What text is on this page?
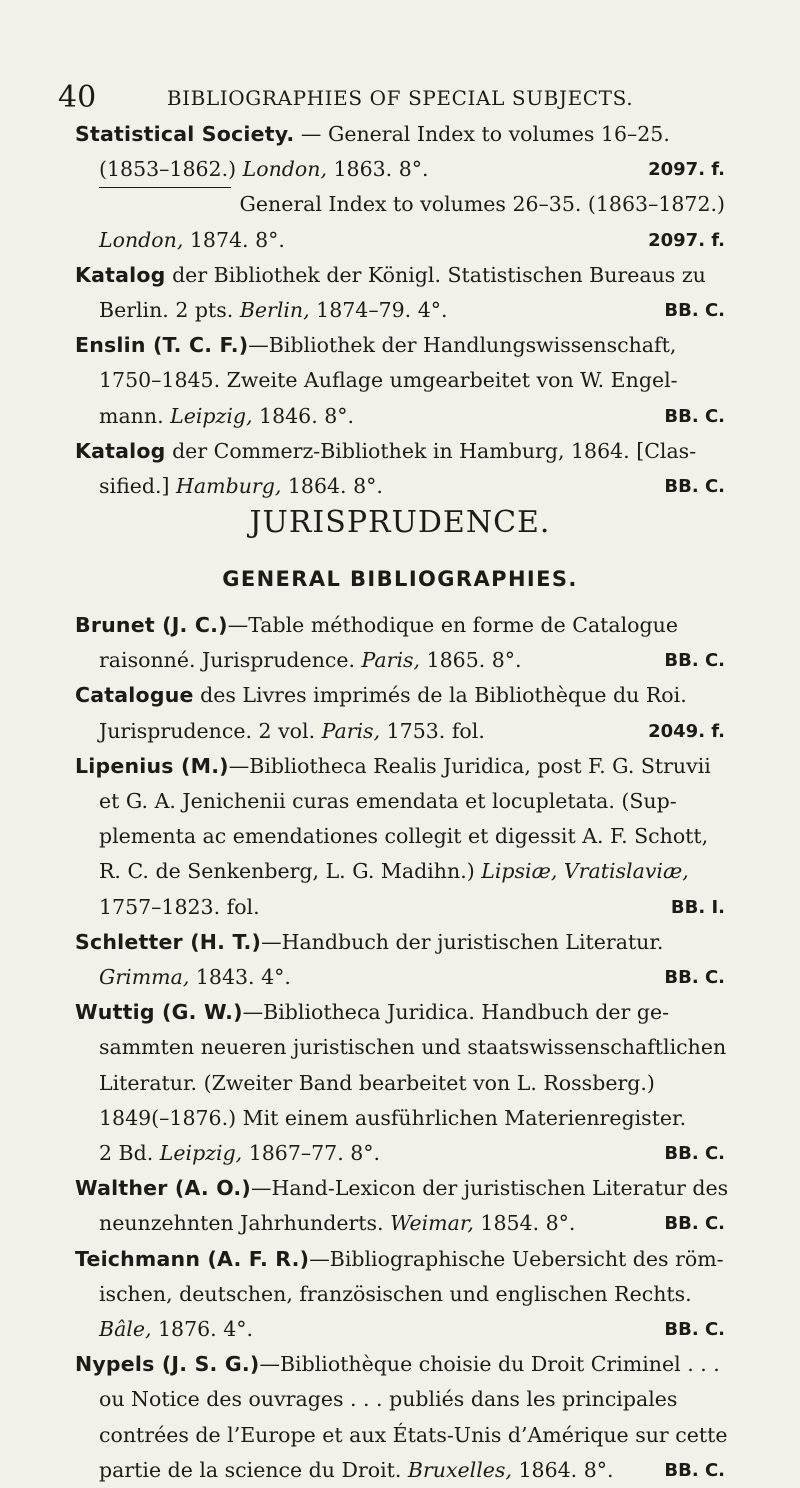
40	BIBLIOGRAPHIES OF SPECIAL SUBJECTS.
Statistical Society. — General Index to volumes 16–25.
(1853–1862.) London, 1863. 8°.	2097. f.
General Index to volumes 26–35. (1863–1872.)
London, 1874. 8°.	2097. f.
Katalog der Bibliothek der Königl. Statistischen Bureaus zu
Berlin. 2 pts. Berlin, 1874–79. 4°.	BB. C.
Enslin (T. C. F.)—Bibliothek der Handlungswissenschaft,
1750–1845. Zweite Auflage umgearbeitet von W. Engel-
mann. Leipzig, 1846. 8°.	BB. C.
Katalog der Commerz-Bibliothek in Hamburg, 1864. [Clas-
sified.] Hamburg, 1864. 8°.	BB. C.
JURISPRUDENCE.
GENERAL BIBLIOGRAPHIES.
Brunet (J. C.)—Table méthodique en forme de Catalogue
raisonné. Jurisprudence. Paris, 1865. 8°.	BB. C.
Catalogue des Livres imprimés de la Bibliothèque du Roi.
Jurisprudence. 2 vol. Paris, 1753. fol.	2049. f.
Lipenius (M.)—Bibliotheca Realis Juridica, post F. G. Struvii
et G. A. Jenichenii curas emendata et locupletata. (Sup-
plementa ac emendationes collegit et digessit A. F. Schott,
R. C. de Senkenberg, L. G. Madihn.) Lipsiæ, Vratislaviæ,
1757–1823. fol.	BB. I.
Schletter (H. T.)—Handbuch der juristischen Literatur.
Grimma, 1843. 4°.	BB. C.
Wuttig (G. W.)—Bibliotheca Juridica. Handbuch der ge-
sammten neueren juristischen und staatswissenschaftlichen
Literatur. (Zweiter Band bearbeitet von L. Rossberg.)
1849(–1876.) Mit einem ausführlichen Materienregister.
2 Bd. Leipzig, 1867–77. 8°.	BB. C.
Walther (A. O.)—Hand-Lexicon der juristischen Literatur des
neunzehnten Jahrhunderts. Weimar, 1854. 8°.	BB. C.
Teichmann (A. F. R.)—Bibliographische Uebersicht des röm-
ischen, deutschen, französischen und englischen Rechts.
Bâle, 1876. 4°.	BB. C.
Nypels (J. S. G.)—Bibliothèque choisie du Droit Criminel . . .
ou Notice des ouvrages . . . publiés dans les principales
contrées de l’Europe et aux États-Unis d’Amérique sur cette
partie de la science du Droit. Bruxelles, 1864. 8°.	BB. C.
